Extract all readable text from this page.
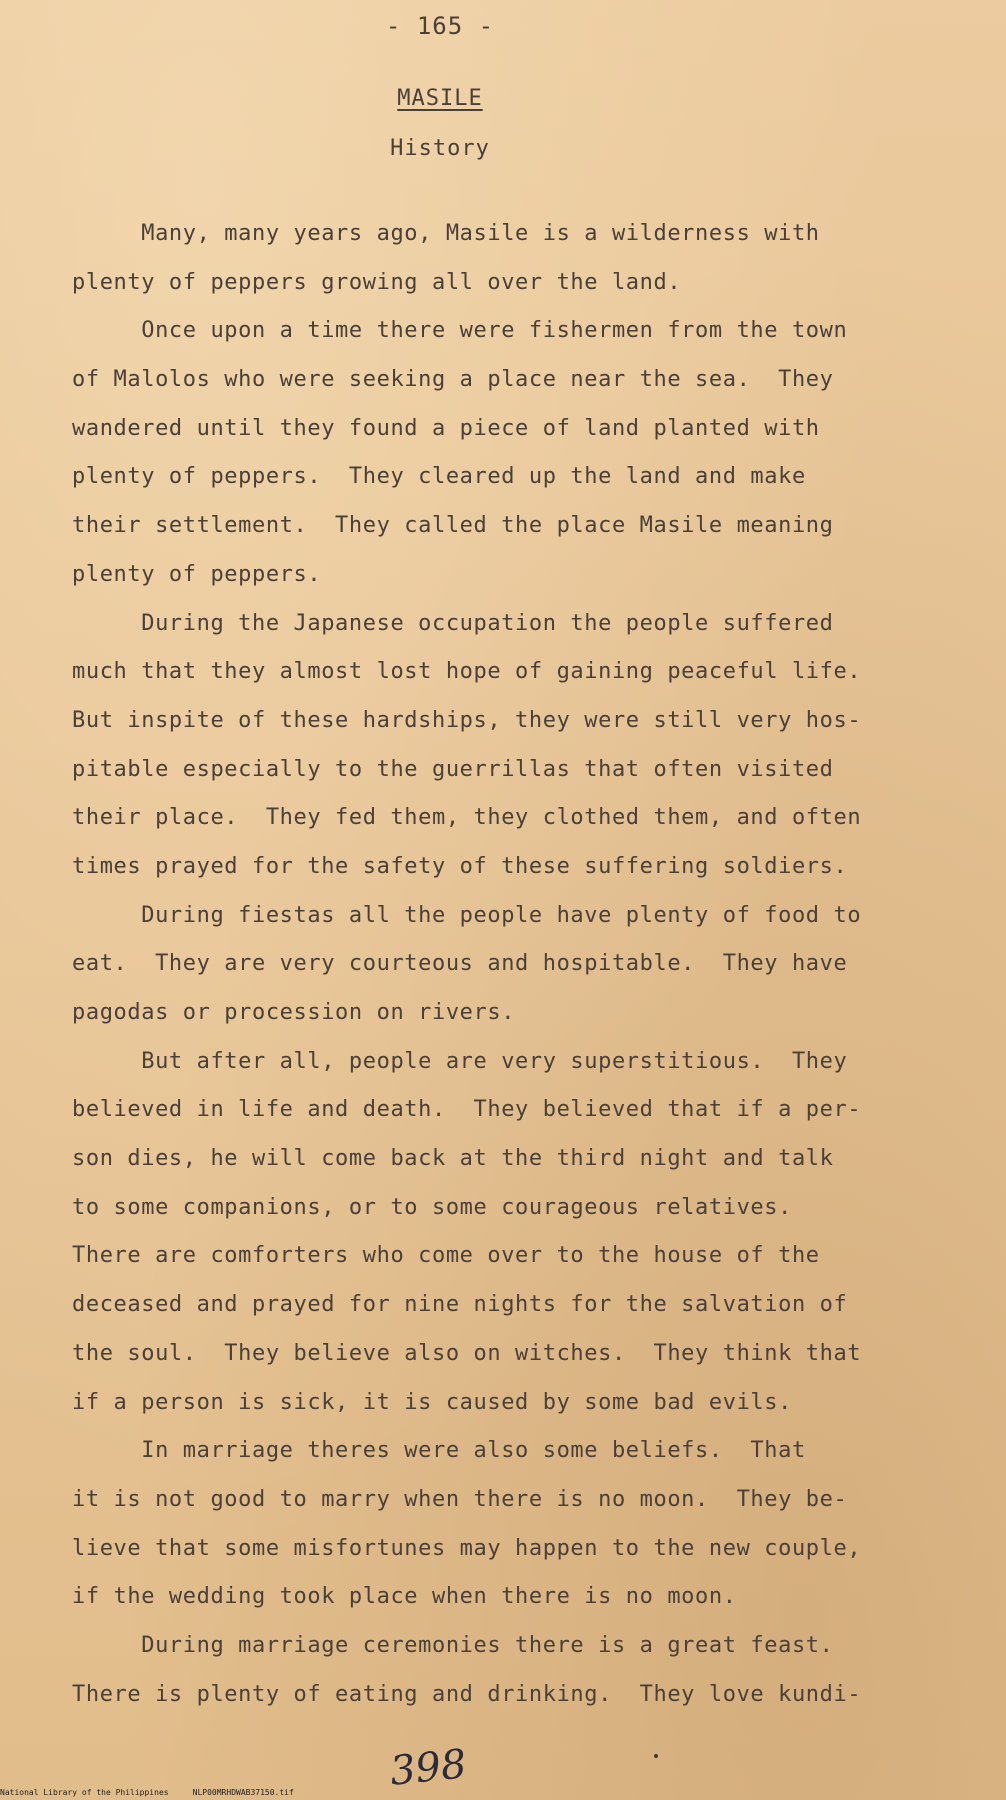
- 165 -
MASILE
History
Many, many years ago, Masile is a wilderness with
plenty of peppers growing all over the land.
Once upon a time there were fishermen from the town
of Malolos who were seeking a place near the sea.  They
wandered until they found a piece of land planted with
plenty of peppers.  They cleared up the land and make
their settlement.  They called the place Masile meaning
plenty of peppers.
During the Japanese occupation the people suffered
much that they almost lost hope of gaining peaceful life.
But inspite of these hardships, they were still very hos-
pitable especially to the guerrillas that often visited
their place.  They fed them, they clothed them, and often
times prayed for the safety of these suffering soldiers.
During fiestas all the people have plenty of food to
eat.  They are very courteous and hospitable.  They have
pagodas or procession on rivers.
But after all, people are very superstitious.  They
believed in life and death.  They believed that if a per-
son dies, he will come back at the third night and talk
to some companions, or to some courageous relatives.
There are comforters who come over to the house of the
deceased and prayed for nine nights for the salvation of
the soul.  They believe also on witches.  They think that
if a person is sick, it is caused by some bad evils.
In marriage theres were also some beliefs.  That
it is not good to marry when there is no moon.  They be-
lieve that some misfortunes may happen to the new couple,
if the wedding took place when there is no moon.
During marriage ceremonies there is a great feast.
There is plenty of eating and drinking.  They love kundi-
398
National Library of the Philippines     NLP00MRHDWAB37150.tif
